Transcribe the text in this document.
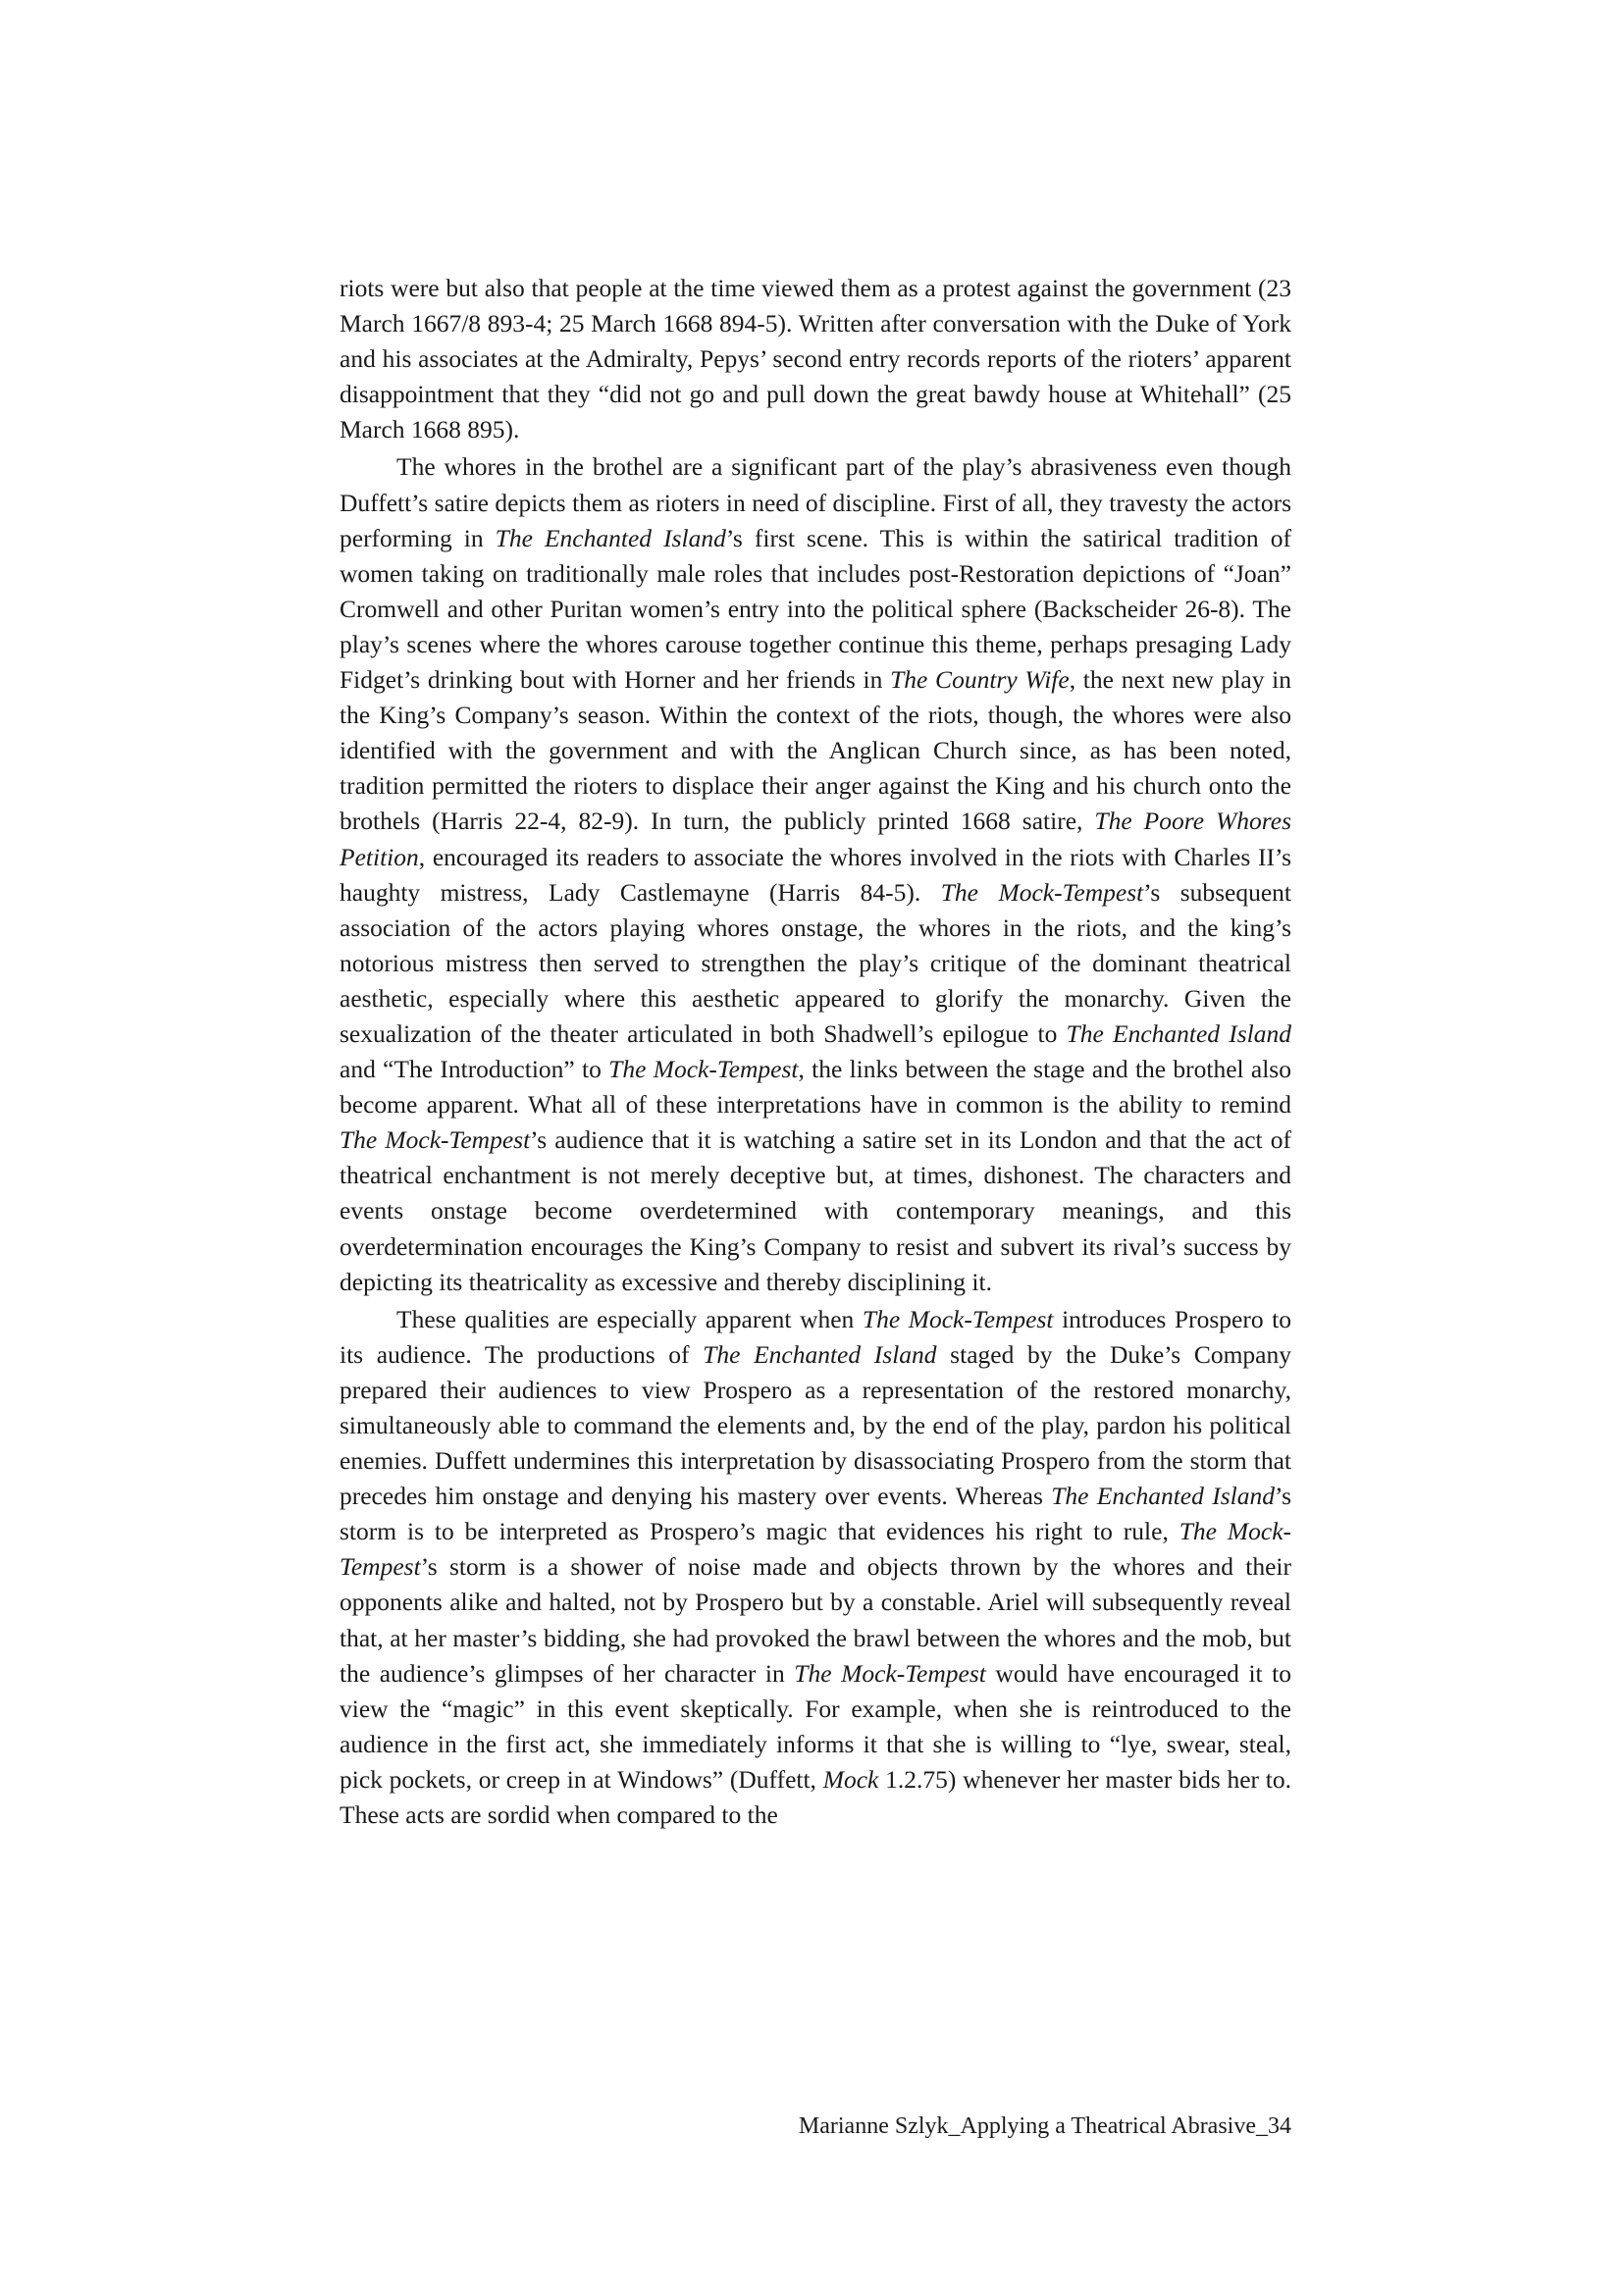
riots were but also that people at the time viewed them as a protest against the government (23 March 1667/8 893-4; 25 March 1668 894-5). Written after conversation with the Duke of York and his associates at the Admiralty, Pepys’ second entry records reports of the rioters’ apparent disappointment that they “did not go and pull down the great bawdy house at Whitehall” (25 March 1668 895).

The whores in the brothel are a significant part of the play’s abrasiveness even though Duffett’s satire depicts them as rioters in need of discipline. First of all, they travesty the actors performing in The Enchanted Island’s first scene. This is within the satirical tradition of women taking on traditionally male roles that includes post-Restoration depictions of “Joan” Cromwell and other Puritan women’s entry into the political sphere (Backscheider 26-8). The play’s scenes where the whores carouse together continue this theme, perhaps presaging Lady Fidget’s drinking bout with Horner and her friends in The Country Wife, the next new play in the King’s Company’s season. Within the context of the riots, though, the whores were also identified with the government and with the Anglican Church since, as has been noted, tradition permitted the rioters to displace their anger against the King and his church onto the brothels (Harris 22-4, 82-9). In turn, the publicly printed 1668 satire, The Poore Whores Petition, encouraged its readers to associate the whores involved in the riots with Charles II’s haughty mistress, Lady Castlemayne (Harris 84-5). The Mock-Tempest’s subsequent association of the actors playing whores onstage, the whores in the riots, and the king’s notorious mistress then served to strengthen the play’s critique of the dominant theatrical aesthetic, especially where this aesthetic appeared to glorify the monarchy. Given the sexualization of the theater articulated in both Shadwell’s epilogue to The Enchanted Island and “The Introduction” to The Mock-Tempest, the links between the stage and the brothel also become apparent. What all of these interpretations have in common is the ability to remind The Mock-Tempest’s audience that it is watching a satire set in its London and that the act of theatrical enchantment is not merely deceptive but, at times, dishonest. The characters and events onstage become overdetermined with contemporary meanings, and this overdetermination encourages the King’s Company to resist and subvert its rival’s success by depicting its theatricality as excessive and thereby disciplining it.

These qualities are especially apparent when The Mock-Tempest introduces Prospero to its audience. The productions of The Enchanted Island staged by the Duke’s Company prepared their audiences to view Prospero as a representation of the restored monarchy, simultaneously able to command the elements and, by the end of the play, pardon his political enemies. Duffett undermines this interpretation by disassociating Prospero from the storm that precedes him onstage and denying his mastery over events. Whereas The Enchanted Island’s storm is to be interpreted as Prospero’s magic that evidences his right to rule, The Mock-Tempest’s storm is a shower of noise made and objects thrown by the whores and their opponents alike and halted, not by Prospero but by a constable. Ariel will subsequently reveal that, at her master’s bidding, she had provoked the brawl between the whores and the mob, but the audience’s glimpses of her character in The Mock-Tempest would have encouraged it to view the “magic” in this event skeptically. For example, when she is reintroduced to the audience in the first act, she immediately informs it that she is willing to “lye, swear, steal, pick pockets, or creep in at Windows” (Duffett, Mock 1.2.75) whenever her master bids her to. These acts are sordid when compared to the

Marianne Szlyk_Applying a Theatrical Abrasive_34
